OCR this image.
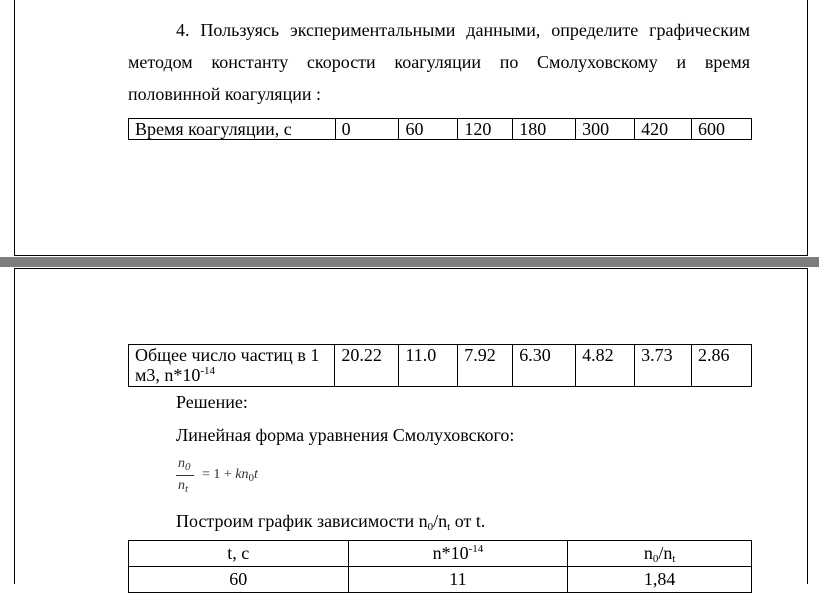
4. Пользуясь экспериментальными данными, определите графическим
методом константу скорости коагуляции по Смолуховскому и время
половинной коагуляции :
Время коагуляции, с	0	60	120	180	300	420	600
Общее число частиц в 1 м3, $n*10^{-14}$	20.22	11.0	7.92	6.30	4.82	3.73	2.86
Решение:
Линейная форма уравнения Смолуховского:
$n_0$
$n_t$
= $1 + kn_0t$
Построим график зависимости $n_0/n_t$ от t.
t, с	$n*10^{-14}$	$n_0/n_t$
60	11	1,84
